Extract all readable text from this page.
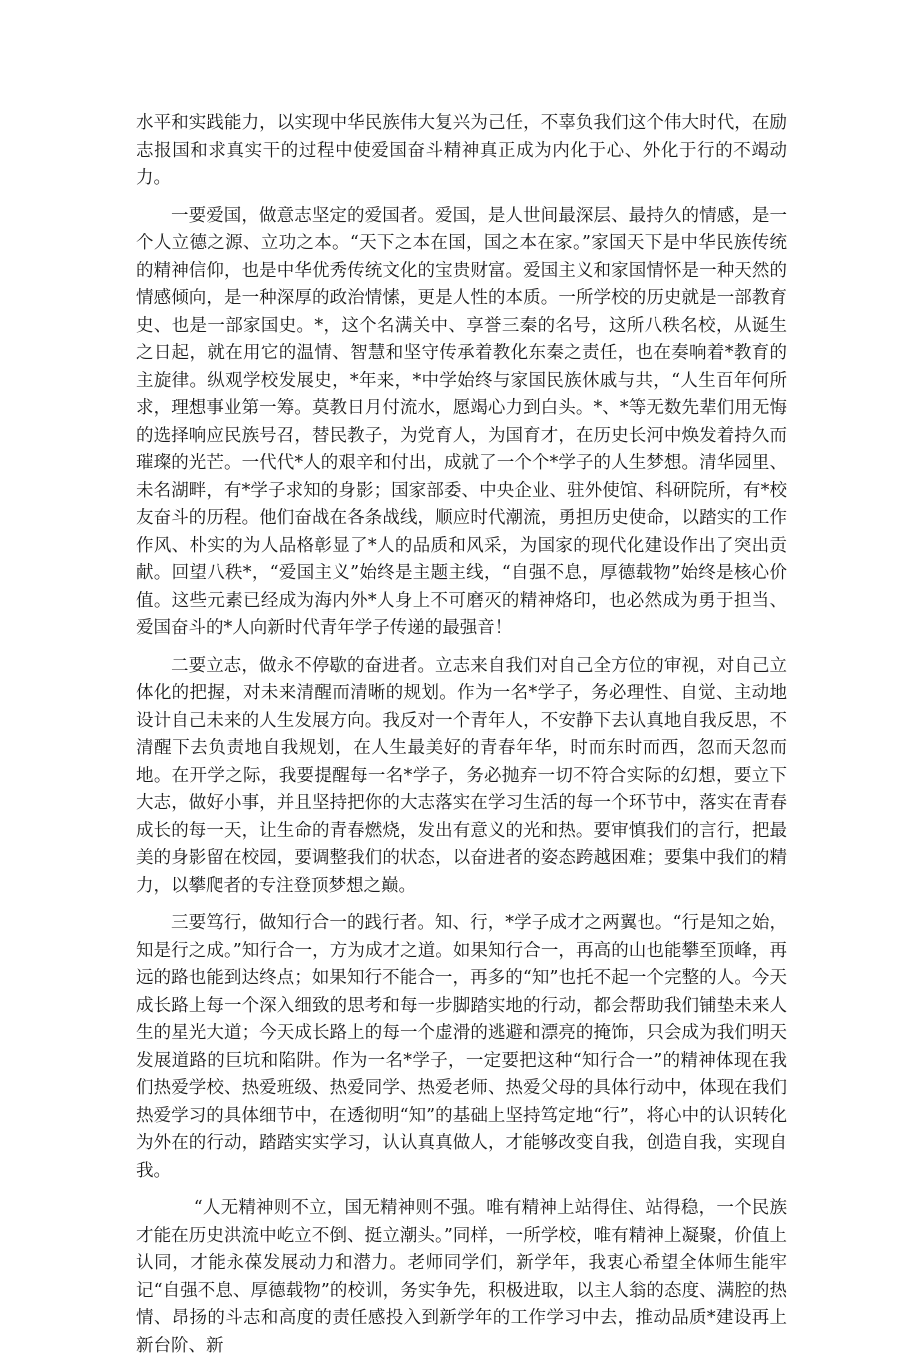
水平和实践能力，以实现中华民族伟大复兴为己任，不辜负我们这个伟大时代，在励志报国和求真实干的过程中使爱国奋斗精神真正成为内化于心、外化于行的不竭动力。

一要爱国，做意志坚定的爱国者。爱国，是人世间最深层、最持久的情感，是一个人立德之源、立功之本。“天下之本在国，国之本在家。”家国天下是中华民族传统的精神信仰，也是中华优秀传统文化的宝贵财富。爱国主义和家国情怀是一种天然的情感倾向，是一种深厚的政治情愫，更是人性的本质。一所学校的历史就是一部教育史、也是一部家国史。*，这个名满关中、享誉三秦的名号，这所八秩名校，从诞生之日起，就在用它的温情、智慧和坚守传承着教化东秦之责任，也在奏响着*教育的主旋律。纵观学校发展史，*年来，*中学始终与家国民族休戚与共，“人生百年何所求，理想事业第一筹。莫教日月付流水，愿竭心力到白头。*、*等无数先辈们用无悔的选择响应民族号召，替民教子，为党育人，为国育才，在历史长河中焕发着持久而璀璨的光芒。一代代*人的艰辛和付出，成就了一个个*学子的人生梦想。清华园里、未名湖畔，有*学子求知的身影；国家部委、中央企业、驻外使馆、科研院所，有*校友奋斗的历程。他们奋战在各条战线，顺应时代潮流，勇担历史使命，以踏实的工作作风、朴实的为人品格彰显了*人的品质和风采，为国家的现代化建设作出了突出贡献。回望八秩*，“爱国主义”始终是主题主线，“自强不息，厚德载物”始终是核心价值。这些元素已经成为海内外*人身上不可磨灭的精神烙印，也必然成为勇于担当、爱国奋斗的*人向新时代青年学子传递的最强音！

二要立志，做永不停歇的奋进者。立志来自我们对自己全方位的审视，对自己立体化的把握，对未来清醒而清晰的规划。作为一名*学子，务必理性、自觉、主动地设计自己未来的人生发展方向。我反对一个青年人，不安静下去认真地自我反思，不清醒下去负责地自我规划，在人生最美好的青春年华，时而东时而西，忽而天忽而地。在开学之际，我要提醒每一名*学子，务必抛弃一切不符合实际的幻想，要立下大志，做好小事，并且坚持把你的大志落实在学习生活的每一个环节中，落实在青春成长的每一天，让生命的青春燃烧，发出有意义的光和热。要审慎我们的言行，把最美的身影留在校园，要调整我们的状态，以奋进者的姿态跨越困难；要集中我们的精力，以攀爬者的专注登顶梦想之巅。

三要笃行，做知行合一的践行者。知、行，*学子成才之两翼也。“行是知之始，知是行之成。”知行合一，方为成才之道。如果知行合一，再高的山也能攀至顶峰，再远的路也能到达终点；如果知行不能合一，再多的“知”也托不起一个完整的人。今天成长路上每一个深入细致的思考和每一步脚踏实地的行动，都会帮助我们铺垫未来人生的星光大道；今天成长路上的每一个虚滑的逃避和漂亮的掩饰，只会成为我们明天发展道路的巨坑和陷阱。作为一名*学子，一定要把这种“知行合一”的精神体现在我们热爱学校、热爱班级、热爱同学、热爱老师、热爱父母的具体行动中，体现在我们热爱学习的具体细节中，在透彻明“知”的基础上坚持笃定地“行”，将心中的认识转化为外在的行动，踏踏实实学习，认认真真做人，才能够改变自我，创造自我，实现自我。

“人无精神则不立，国无精神则不强。唯有精神上站得住、站得稳，一个民族才能在历史洪流中屹立不倒、挺立潮头。”同样，一所学校，唯有精神上凝聚，价值上认同，才能永葆发展动力和潜力。老师同学们，新学年，我衷心希望全体师生能牢记“自强不息、厚德载物”的校训，务实争先，积极进取，以主人翁的态度、满腔的热情、昂扬的斗志和高度的责任感投入到新学年的工作学习中去，推动品质*建设再上新台阶、新
